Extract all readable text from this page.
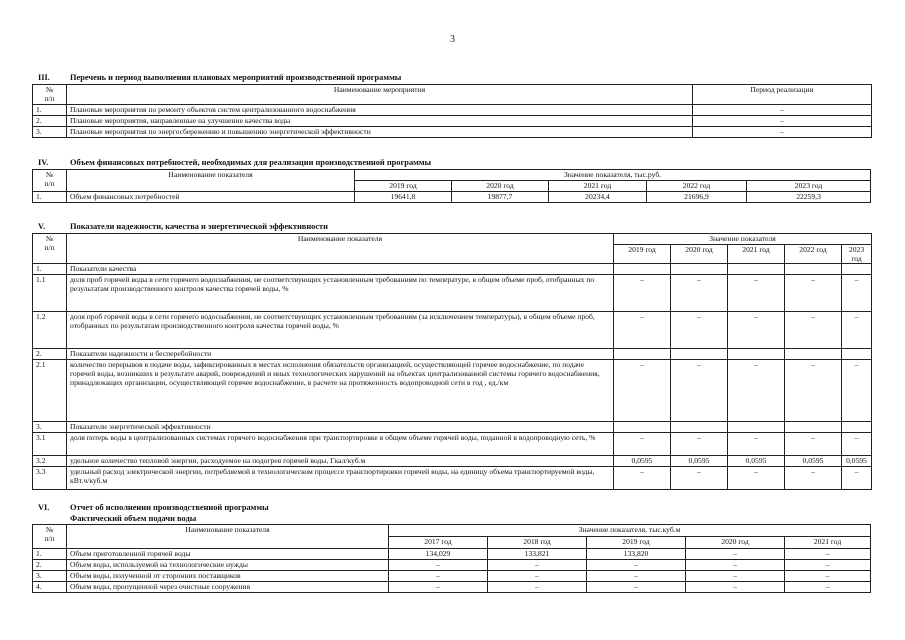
3
III. Перечень и период выполнения плановых мероприятий производственной программы
№
п/п	Наименование мероприятия	Период реализации
1.	Плановые мероприятия по ремонту объектов систем централизованного водоснабжения	–
2.	Плановые мероприятия, направленные на улучшение качества воды	–
3.	Плановые мероприятия по энергосбережению и повышению энергетической эффективности	–
IV.	Объем финансовых потребностей, необходимых для реализации производственной программы
№
п/п	Наименование показателя	Значение показателя, тыс.руб.				
		2019 год	2020 год	2021 год	2022 год	2023 год
1.	Объем финансовых потребностей	19641,8	19877,7	20234,4	21696,9	22259,3
V.	Показатели надежности, качества и энергетической эффективности
№
п/п	Наименование показателя	Значение показателя				
		2019 год	2020 год	2021 год	2022 год	2023 год
1.	Показатели качества					
1.1	доля проб горячей воды в сети горячего водоснабжения, не соответствующих установленным требованиям по температуре, в общем объеме проб, отобранных по результатам производственного контроля качества горячей воды, %	–	–	–	–	–
1.2	доля проб горячей воды в сети горячего водоснабжения, не соответствующих установленным требованиям (за исключением температуры), в общем объеме проб, отобранных по результатам производственного контроля качества горячей воды, %	–	–	–	–	–
2.	Показатели надежности и бесперебойности					
2.1	количество перерывов в подаче воды, зафиксированных в местах исполнения обязательств организацией, осуществляющей горячее водоснабжение, по подаче горячей воды, возникших в результате аварий, повреждений и иных технологических нарушений на объектах централизованной системы горячего водоснабжения, принадлежащих организации, осуществляющей горячее водоснабжение, в расчете на протяженность водопроводной сети в год , ед./км	–	–	–	–	–
3.	Показатели энергетической эффективности					
3.1	доля потерь воды в централизованных системах горячего водоснабжения при транспортировке в общем объеме горячей воды, поданной в водопроводную сеть, %	–	–	–	–	–
3.2	удельное количество тепловой энергии, расходуемое на подогрев горячей воды, Гкал/куб.м	0,0595	0,0595	0,0595	0,0595	0,0595
3.3	удельный расход электрической энергии, потребляемой в технологическом процессе транспортировки горячей воды, на единицу объема транспортируемой воды, кВт.ч/куб.м	–	–	–	–	–
VI. Отчет об исполнении производственной программы
Фактический объем подачи воды
№
п/п	Наименование показателя	Значение показателя, тыс.куб.м				
		2017 год	2018 год	2019 год	2020 год	2021 год
1.	Объем приготовленной горячей воды	134,029	133,821	133,820	–	–
2.	Объем воды, используемой на технологические нужды	–	–	–	–	–
3.	Объем воды, полученной от сторонних поставщиков	–	–	–	–	–
4.	Объем воды, пропущенной через очистные сооружения	–	–	–	–	–
